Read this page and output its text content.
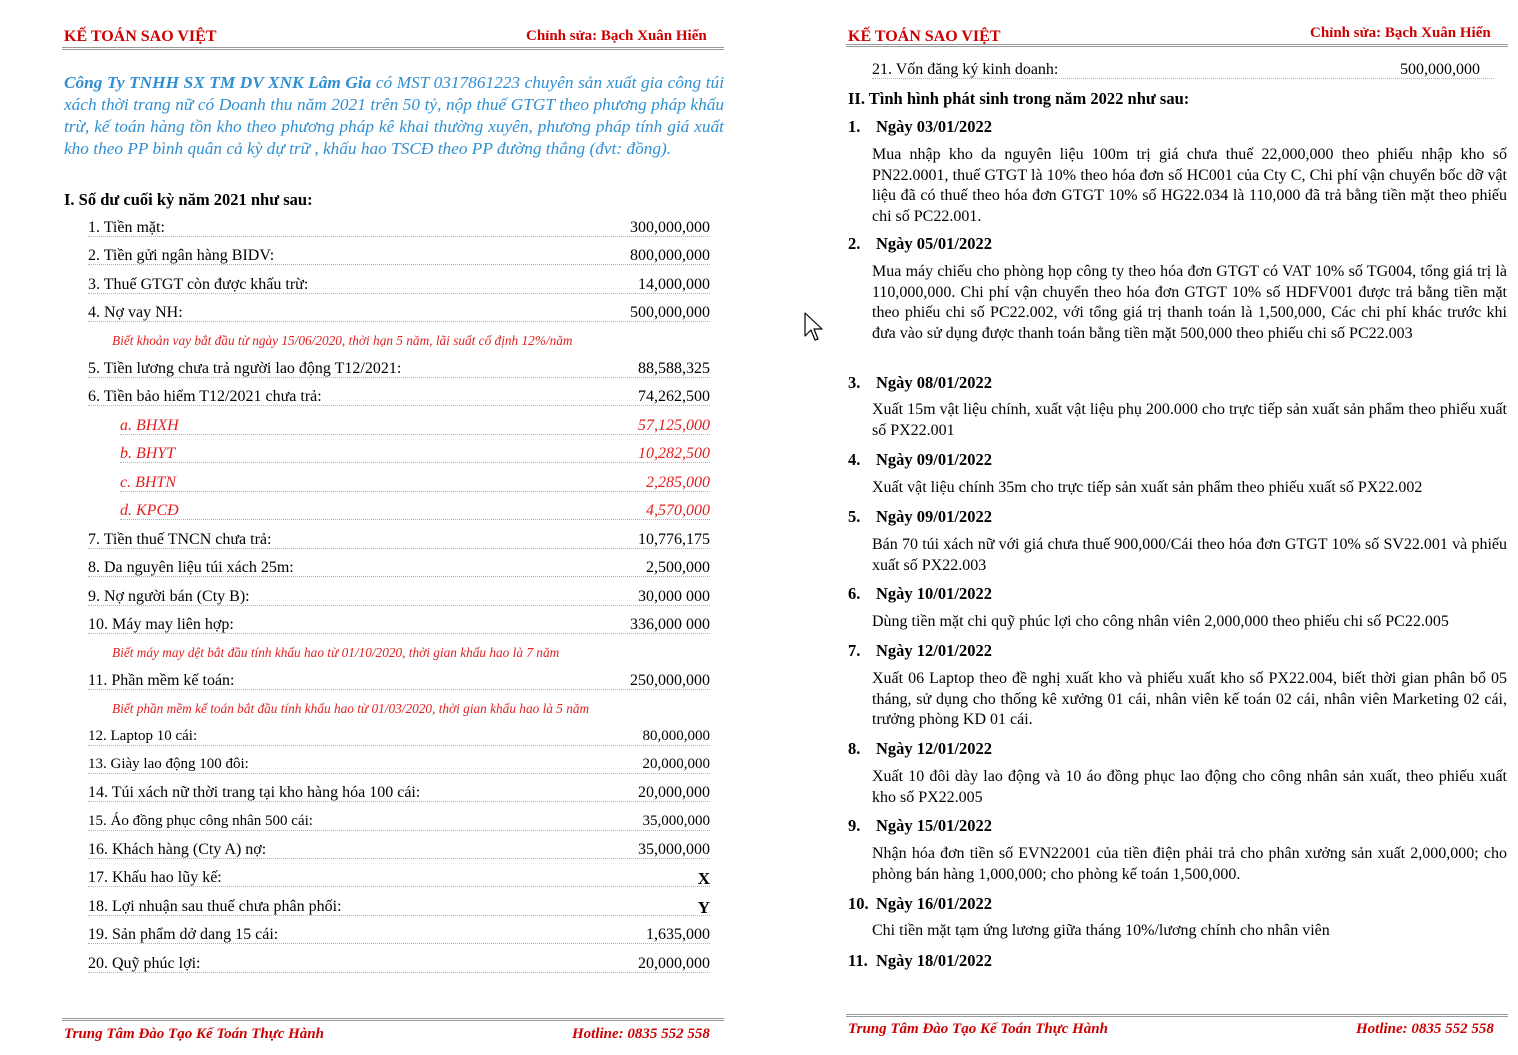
KẾ TOÁN SAO VIỆT	Chỉnh sửa: Bạch Xuân Hiến
Công Ty TNHH SX TM DV XNK Lâm Gia có MST 0317861223 chuyên sản xuất gia công túi xách thời trang nữ có Doanh thu năm 2021 trên 50 tỷ, nộp thuế GTGT theo phương pháp khấu trừ, kế toán hàng tồn kho theo phương pháp kê khai thường xuyên, phương pháp tính giá xuất kho theo PP bình quân cả kỳ dự trữ , khấu hao TSCĐ theo PP đường thẳng (đvt: đồng).
I. Số dư cuối kỳ năm 2021 như sau:
1. Tiền mặt:	300,000,000
2. Tiền gửi ngân hàng BIDV:	800,000,000
3. Thuế GTGT còn được khấu trừ:	14,000,000
4. Nợ vay NH:	500,000,000
Biết khoản vay bắt đầu từ ngày 15/06/2020, thời hạn 5 năm, lãi suất cố định 12%/năm
5. Tiền lương chưa trả người lao động T12/2021:	88,588,325
6. Tiền bảo hiểm T12/2021 chưa trả:	74,262,500
a. BHXH	57,125,000
b. BHYT	10,282,500
c. BHTN	2,285,000
d. KPCĐ	4,570,000
7. Tiền thuế TNCN chưa trả:	10,776,175
8. Da nguyên liệu túi xách 25m:	2,500,000
9. Nợ người bán (Cty B):	30,000 000
10. Máy may liên hợp:	336,000 000
Biết máy may dệt bắt đầu tính khấu hao từ 01/10/2020, thời gian khấu hao là 7 năm
11. Phần mềm kế toán:	250,000,000
Biết phần mềm kế toán bắt đầu tính khấu hao từ 01/03/2020, thời gian khấu hao là 5 năm
12. Laptop 10 cái:	80,000,000
13. Giày lao động 100 đôi:	20,000,000
14. Túi xách nữ thời trang tại kho hàng hóa 100 cái:	20,000,000
15. Áo đồng phục công nhân 500 cái:	35,000,000
16. Khách hàng (Cty A) nợ:	35,000,000
17. Khấu hao lũy kế:	X
18. Lợi nhuận sau thuế chưa phân phối:	Y
19. Sản phẩm dở dang 15 cái:	1,635,000
20. Quỹ phúc lợi:	20,000,000
Trung Tâm Đào Tạo Kế Toán Thực Hành	Hotline: 0835 552 558
KẾ TOÁN SAO VIỆT	Chỉnh sửa: Bạch Xuân Hiến
21. Vốn đăng ký kinh doanh:	500,000,000
II. Tình hình phát sinh trong năm 2022 như sau:
1. Ngày 03/01/2022
Mua nhập kho da nguyên liệu 100m trị giá chưa thuế 22,000,000 theo phiếu nhập kho số PN22.0001, thuế GTGT là 10% theo hóa đơn số HC001 của Cty C, Chi phí vận chuyển bốc dỡ vật liệu đã có thuế theo hóa đơn GTGT 10% số HG22.034 là 110,000 đã trả bằng tiền mặt theo phiếu chi số PC22.001.
2. Ngày 05/01/2022
Mua máy chiếu cho phòng họp công ty theo hóa đơn GTGT có VAT 10% số TG004, tổng giá trị là 110,000,000. Chi phí vận chuyển theo hóa đơn GTGT 10% số HDFV001 được trả bằng tiền mặt theo phiếu chi số PC22.002, với tổng giá trị thanh toán là 1,500,000, Các chi phí khác trước khi đưa vào sử dụng được thanh toán bằng tiền mặt 500,000 theo phiếu chi số PC22.003
3. Ngày 08/01/2022
Xuất 15m vật liệu chính, xuất vật liệu phụ 200.000 cho trực tiếp sản xuất sản phẩm theo phiếu xuất số PX22.001
4. Ngày 09/01/2022
Xuất vật liệu chính 35m cho trực tiếp sản xuất sản phẩm theo phiếu xuất số PX22.002
5. Ngày 09/01/2022
Bán 70 túi xách nữ với giá chưa thuế 900,000/Cái theo hóa đơn GTGT 10% số SV22.001 và phiếu xuất số PX22.003
6. Ngày 10/01/2022
Dùng tiền mặt chi quỹ phúc lợi cho công nhân viên 2,000,000 theo phiếu chi số PC22.005
7. Ngày 12/01/2022
Xuất 06 Laptop theo đề nghị xuất kho và phiếu xuất kho số PX22.004, biết thời gian phân bổ 05 tháng, sử dụng cho thống kê xưởng 01 cái, nhân viên kế toán 02 cái, nhân viên Marketing 02 cái, trưởng phòng KD 01 cái.
8. Ngày 12/01/2022
Xuất 10 đôi dày lao động và 10 áo đồng phục lao động cho công nhân sản xuất, theo phiếu xuất kho số PX22.005
9. Ngày 15/01/2022
Nhận hóa đơn tiền số EVN22001 của tiền điện phải trả cho phân xưởng sản xuất 2,000,000; cho phòng bán hàng 1,000,000; cho phòng kế toán 1,500,000.
10. Ngày 16/01/2022
Chi tiền mặt tạm ứng lương giữa tháng 10%/lương chính cho nhân viên
11. Ngày 18/01/2022
Trung Tâm Đào Tạo Kế Toán Thực Hành	Hotline: 0835 552 558
